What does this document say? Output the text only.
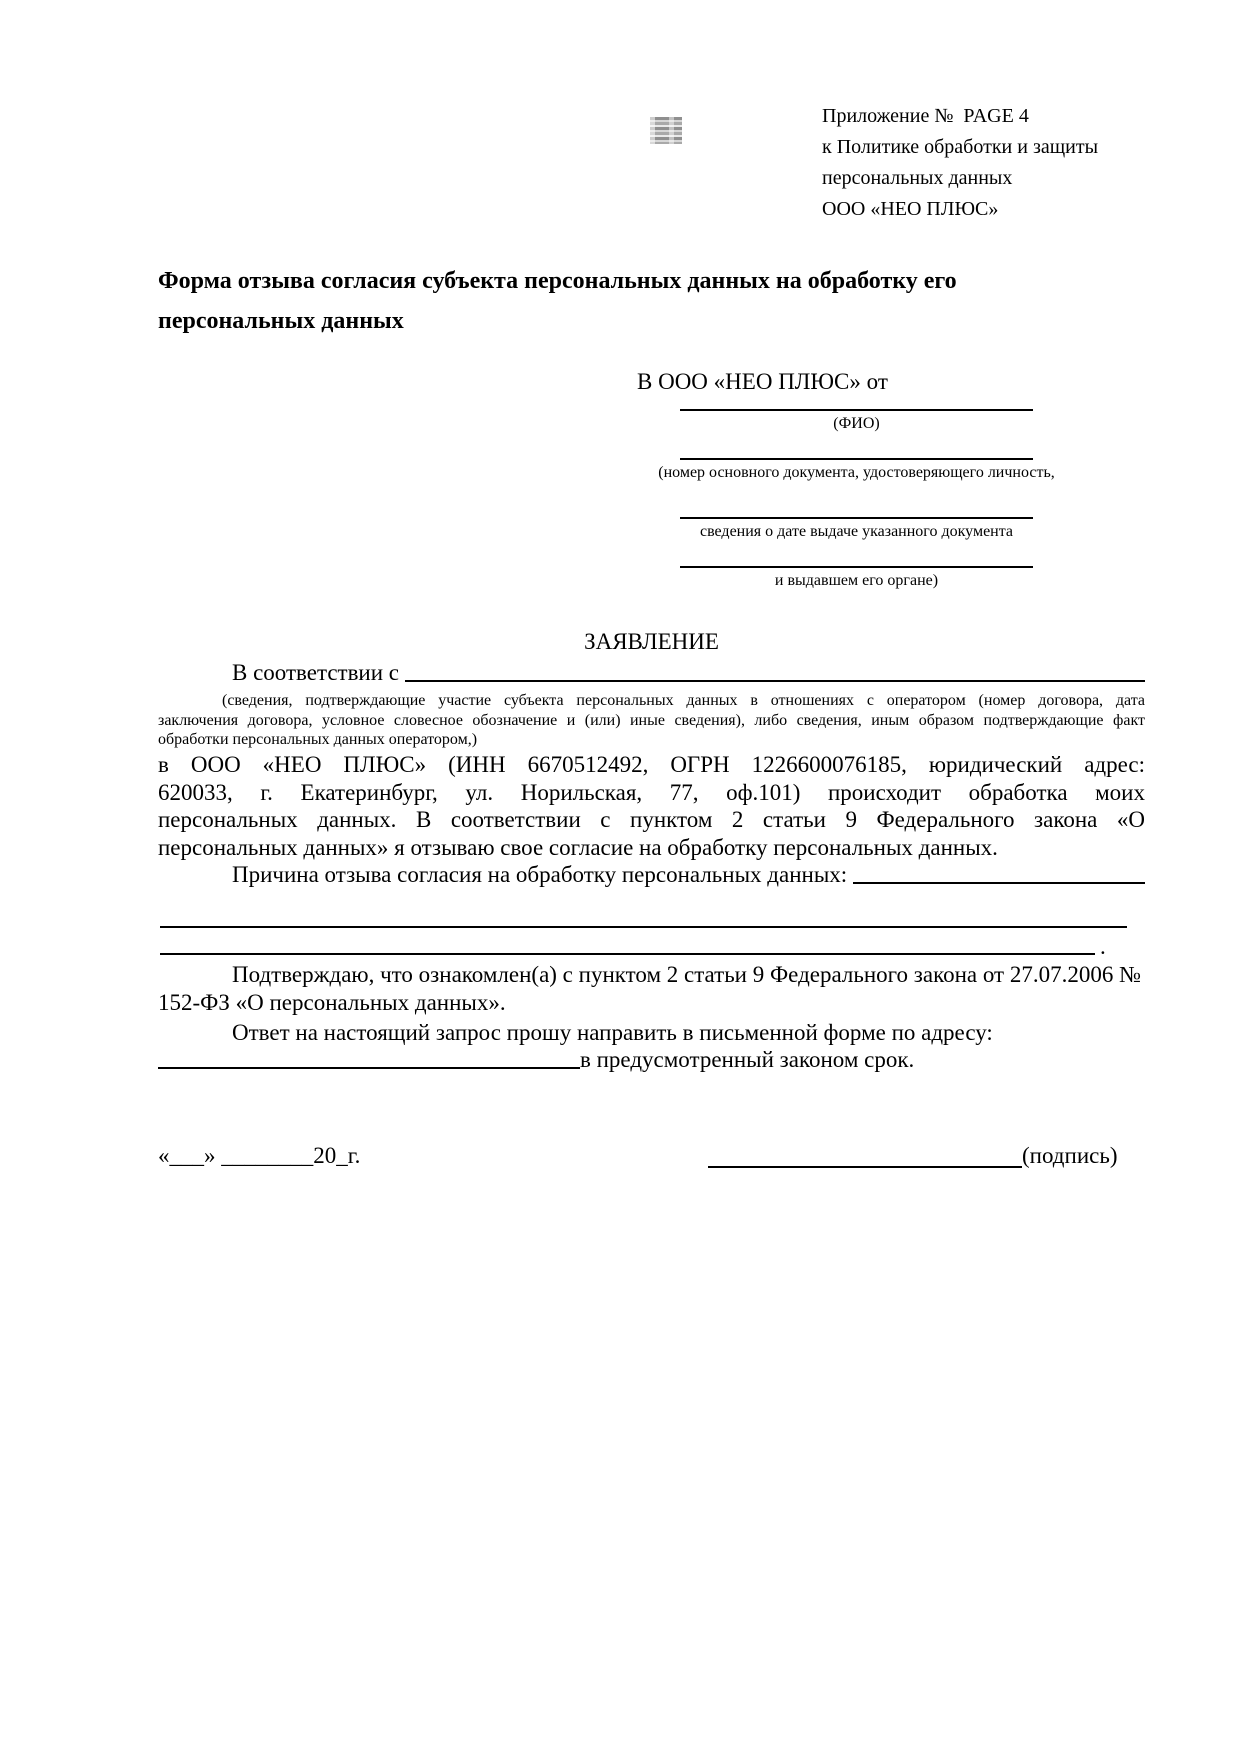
Приложение №  PAGE 4
к Политике обработки и защиты
персональных данных
ООО «НЕО ПЛЮС»
Форма отзыва согласия субъекта персональных данных на обработку его персональных данных
В ООО «НЕО ПЛЮС» от
(ФИО)
(номер основного документа, удостоверяющего личность,
сведения о дате выдаче указанного документа
и выдавшем его органе)
ЗАЯВЛЕНИЕ
В соответствии с
(сведения, подтверждающие участие субъекта персональных данных в отношениях с оператором (номер договора, дата
заключения договора, условное словесное обозначение и (или) иные сведения), либо сведения, иным образом подтверждающие факт
обработки персональных данных оператором,)
в ООО «НЕО ПЛЮС» (ИНН 6670512492, ОГРН 1226600076185, юридический адрес:
620033, г. Екатеринбург, ул. Норильская, 77, оф.101) происходит обработка моих
персональных данных. В соответствии с пунктом 2 статьи 9 Федерального закона «О
персональных данных» я отзываю свое согласие на обработку персональных данных.
Причина отзыва согласия на обработку персональных данных:
.
Подтверждаю, что ознакомлен(а) с пунктом 2 статьи 9 Федерального закона от 27.07.2006 № 152-ФЗ «О персональных данных».
Ответ на настоящий запрос прошу направить в письменной форме по адресу:
в предусмотренный законом срок.
«___» ________20_г.	(подпись)
